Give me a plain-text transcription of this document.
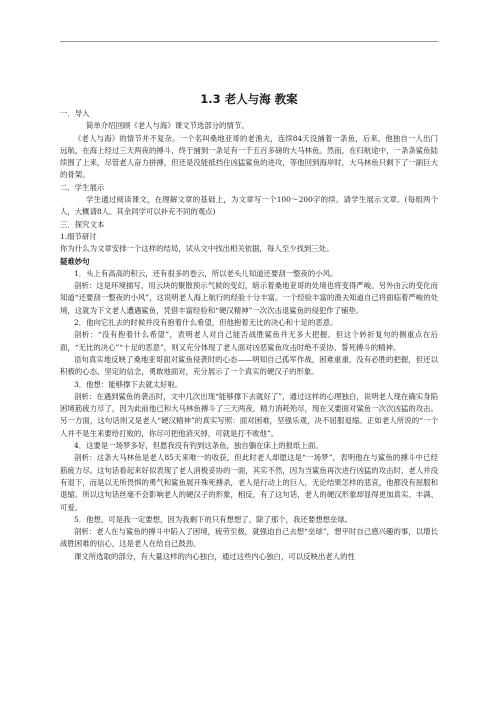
1.3 老人与海 教案

一．导入

简单介绍回顾《老人与海》课文节选部分的情节。

《老人与海》的情节并不复杂。一个名叫桑地亚哥的老渔夫，连续84天没捕着一条鱼，后来，他独自一人出门远航，在海上经过三天两夜的搏斗，终于捕到一条足有一千五百多磅的大马林鱼。然而，在归航途中，一条条鲨鱼陆续围了上来，尽管老人奋力拼搏，但还是没能抵挡住凶猛鲨鱼的进攻，等他回到海岸时，大马林鱼只剩下了一副巨大的骨架。

二．学生展示

学生通过阅读课文，在理解文章的基础上，为文章写一个100～200字的续。请学生展示文章。(每组两个人，大概请8人。其余同学可以补充不同的观点)

三．探究文本

1.细节研讨

你为什么为文章安排一个这样的结局，试从文中找出相关依据，每人至少找到三处。

疑难妙句

1．头上有高高的积云，还有很多的卷云，所以老头儿知道还要刮一整夜的小风。

剖析：这是环境描写，用云块的聚散预示气候的变幻，暗示着桑地亚哥的处境也将变得严峻。另外由云的变化而知道“还要刮一整夜的小风”，这说明老人海上航行的经验十分丰富。一个经验丰富的渔夫知道自己将面临着严峻的处境，这就为下文老人遭遇鲨鱼，凭借丰富经验和“硬汉精神”一次次击退鲨鱼的侵犯作了铺垫。

2．他向它扎去的时候并没有抱着什么希望，但他抱着无比的决心和十足的恶意。

剖析：“没有抱着什么希望”，表明老人对自己能否战胜鲨鱼并无多大把握。但这个转折复句的侧重点在后面，“无比的决心”“十足的恶意”，则又充分体现了老人面对凶恶鲨鱼攻击时绝不妥协、誓死搏斗的精神。

语句真实地反映了桑地亚哥面对鲨鱼侵袭时的心态——明知自己孤军作战，困难重重，没有必胜的把握，但还以积极的心态、坚定的信念，勇敢地面对，充分展示了一个真实的硬汉子的形象。

3．他想：能够撑下去就太好啦。

剖析：在遇到鲨鱼的袭击时，文中几次出现“能够撑下去就好了”，通过这样的心理独白，说明老人现在确实身陷困境筋疲力尽了，因为此前他已和大马林鱼搏斗了三天两夜，精力消耗殆尽，现在又要面对鲨鱼一次次凶猛的攻击。另一方面，这句话则又是老人“硬汉精神”的真实写照：面对困难，坚强乐观，决不屈服退缩。正如老人所说的“一个人并不是生来要给打败的，你尽可把他消灭掉，可就是打不败他”。

4．这要是一场梦多好，但愿我没有钓到这条鱼，独自躺在床上的报纸上面。

剖析：这条大马林鱼是老人85天来唯一的收获，但此时老人却愿这是“一场梦”，表明他在与鲨鱼的搏斗中已经筋疲力尽。这句话看起来好似表现了老人消极妥协的一面，其实不然，因为当鲨鱼再次进行凶猛的攻击时，老人并没有退下，而是以无所畏惧的勇气和鲨鱼展开殊死搏杀，老人是行动上的巨人，无论结果怎样的悲哀，他都没有屈服和退缩。所以这句话丝毫不会影响老人的硬汉子的形象，相反，有了这句话，老人的硬汉形象却显得更加真实、丰满、可爱。

5．他想，可是我一定要想，因为我剩下的只有想想了，除了那个，我还要想想垒球。

剖析：老人在与鲨鱼的搏斗中陷入了困境，疲劳至极，就强迫自己去想“垒球”，想平时自己感兴趣的事，以增长战胜困难的信心，这是老人在给自己鼓劲。

课文所选取的部分，有大量这样的内心独白，通过这些内心独白，可以反映出老人的性
